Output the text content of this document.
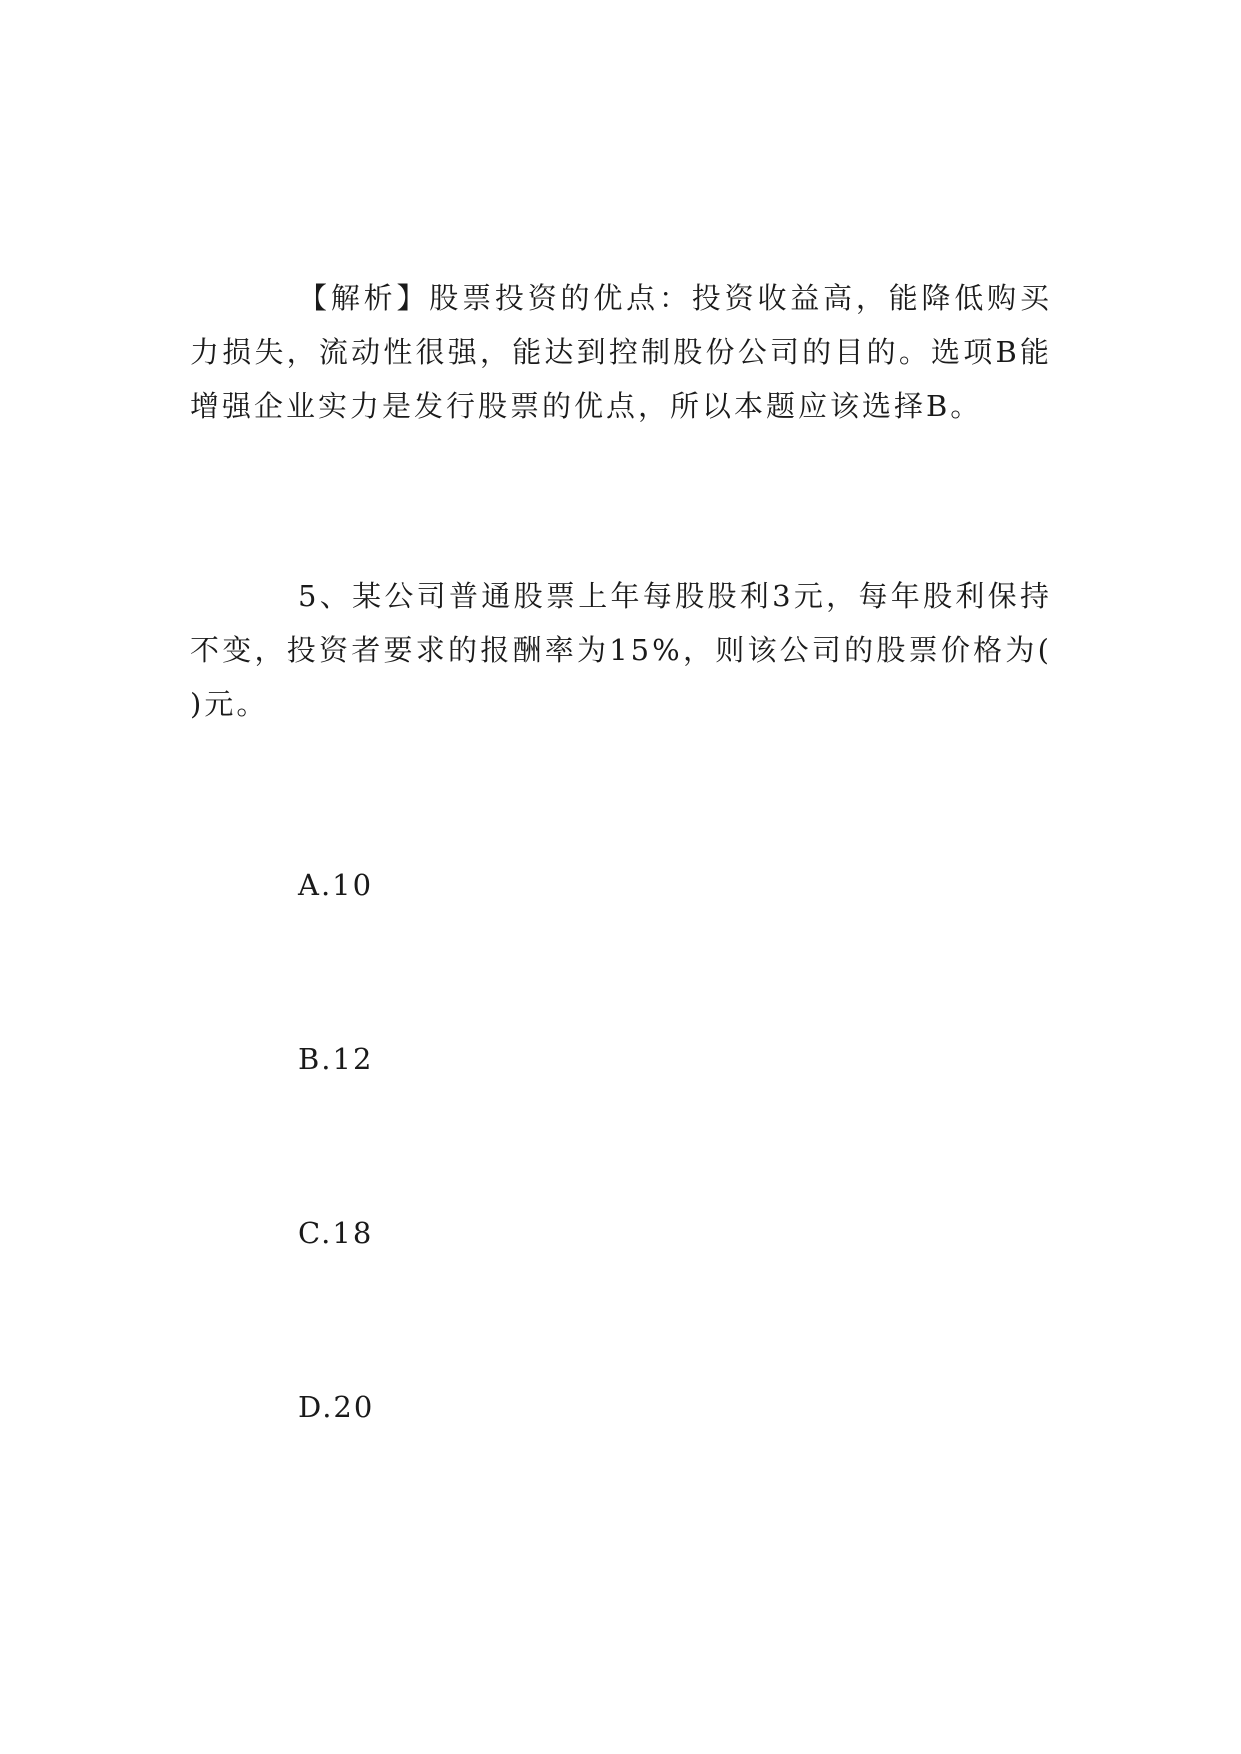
【解析】股票投资的优点：投资收益高，能降低购买力损失，流动性很强，能达到控制股份公司的目的。选项B能增强企业实力是发行股票的优点，所以本题应该选择B。

5、某公司普通股票上年每股股利3元，每年股利保持不变，投资者要求的报酬率为15%，则该公司的股票价格为( )元。

A.10

B.12

C.18

D.20
